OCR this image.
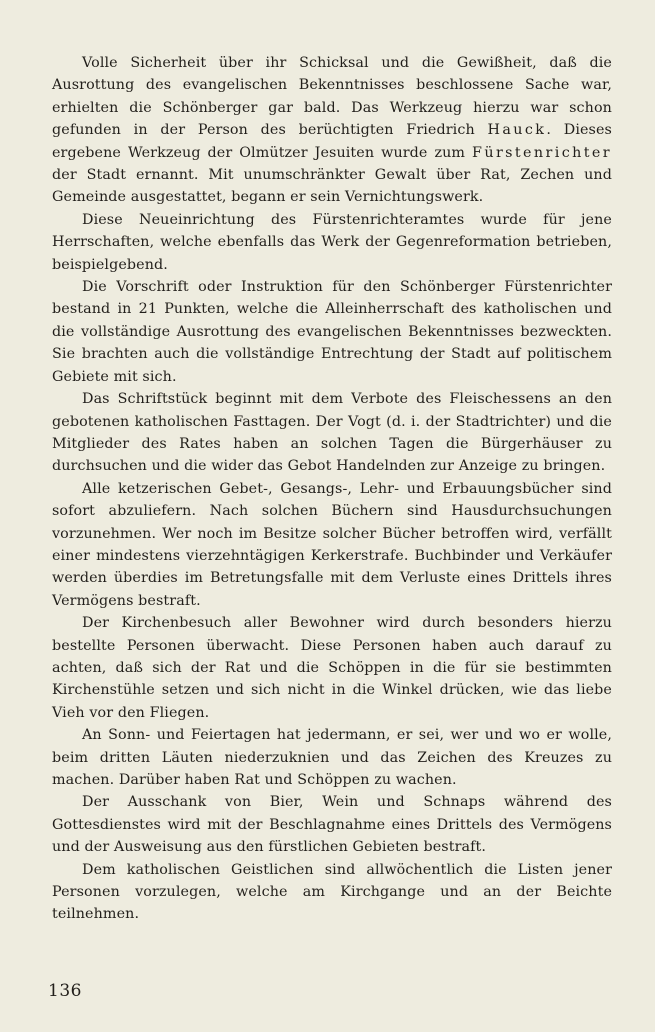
Volle Sicherheit über ihr Schicksal und die Gewißheit, daß die Ausrottung des evangelischen Bekenntnisses beschlossene Sache war, erhielten die Schönberger gar bald. Das Werkzeug hierzu war schon gefunden in der Person des berüchtigten Friedrich Hauck. Dieses ergebene Werkzeug der Olmützer Jesuiten wurde zum Fürstenrichter der Stadt ernannt. Mit unumschränkter Gewalt über Rat, Zechen und Gemeinde ausgestattet, begann er sein Vernichtungswerk.

Diese Neueinrichtung des Fürstenrichteramtes wurde für jene Herrschaften, welche ebenfalls das Werk der Gegenreformation betrieben, beispielgebend.

Die Vorschrift oder Instruktion für den Schönberger Fürstenrichter bestand in 21 Punkten, welche die Alleinherrschaft des katholischen und die vollständige Ausrottung des evangelischen Bekenntnisses bezweckten. Sie brachten auch die vollständige Entrechtung der Stadt auf politischem Gebiete mit sich.

Das Schriftstück beginnt mit dem Verbote des Fleischessens an den gebotenen katholischen Fasttagen. Der Vogt (d. i. der Stadtrichter) und die Mitglieder des Rates haben an solchen Tagen die Bürgerhäuser zu durchsuchen und die wider das Gebot Handelnden zur Anzeige zu bringen.

Alle ketzerischen Gebet-, Gesangs-, Lehr- und Erbauungsbücher sind sofort abzuliefern. Nach solchen Büchern sind Hausdurchsuchungen vorzunehmen. Wer noch im Besitze solcher Bücher betroffen wird, verfällt einer mindestens vierzehntägigen Kerkerstrafe. Buchbinder und Verkäufer werden überdies im Betretungsfalle mit dem Verluste eines Drittels ihres Vermögens bestraft.

Der Kirchenbesuch aller Bewohner wird durch besonders hierzu bestellte Personen überwacht. Diese Personen haben auch darauf zu achten, daß sich der Rat und die Schöppen in die für sie bestimmten Kirchenstühle setzen und sich nicht in die Winkel drücken, wie das liebe Vieh vor den Fliegen.

An Sonn- und Feiertagen hat jedermann, er sei, wer und wo er wolle, beim dritten Läuten niederzuknien und das Zeichen des Kreuzes zu machen. Darüber haben Rat und Schöppen zu wachen.

Der Ausschank von Bier, Wein und Schnaps während des Gottesdienstes wird mit der Beschlagnahme eines Drittels des Vermögens und der Ausweisung aus den fürstlichen Gebieten bestraft.

Dem katholischen Geistlichen sind allwöchentlich die Listen jener Personen vorzulegen, welche am Kirchgange und an der Beichte teilnehmen.

136
